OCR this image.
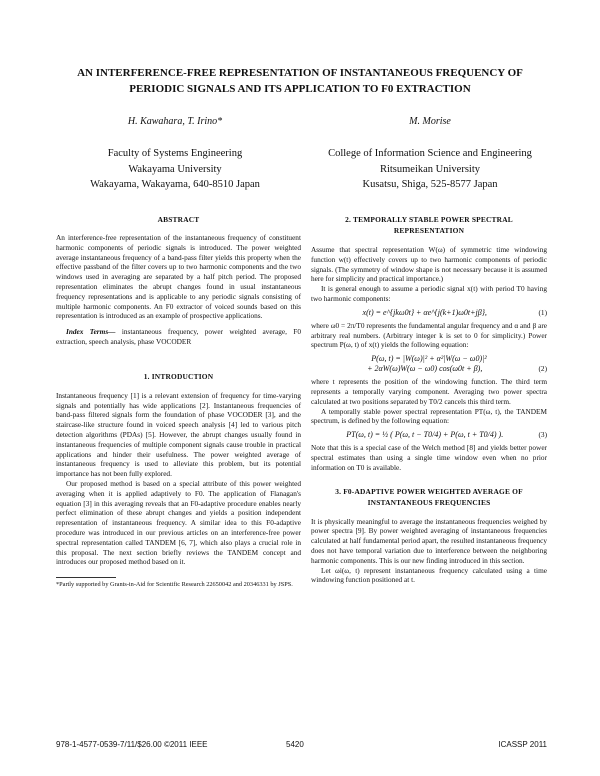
AN INTERFERENCE-FREE REPRESENTATION OF INSTANTANEOUS FREQUENCY OF PERIODIC SIGNALS AND ITS APPLICATION TO F0 EXTRACTION
H. Kawahara, T. Irino*
Faculty of Systems Engineering
Wakayama University
Wakayama, Wakayama, 640-8510 Japan
M. Morise
College of Information Science and Engineering
Ritsumeikan University
Kusatsu, Shiga, 525-8577 Japan
ABSTRACT

An interference-free representation of the instantaneous frequency of constituent harmonic components of periodic signals is introduced. The power weighted average instantaneous frequency of a band-pass filter yields this property when the effective passband of the filter covers up to two harmonic components and the two windows used in averaging are separated by a half pitch period. The proposed representation eliminates the abrupt changes found in usual instantaneous frequency representations and is applicable to any periodic signals consisting of multiple harmonic components. An F0 extractor of voiced sounds based on this representation is introduced as an example of prospective applications.

Index Terms— instantaneous frequency, power weighted average, F0 extraction, speech analysis, phase VOCODER

1. INTRODUCTION

Instantaneous frequency [1] is a relevant extension of frequency for time-varying signals and potentially has wide applications [2]. Instantaneous frequencies of band-pass filtered signals form the foundation of phase VOCODER [3], and the staircase-like structure found in voiced speech analysis [4] led to various pitch detection algorithms (PDAs) [5]. However, the abrupt changes usually found in instantaneous frequencies of multiple component signals cause trouble in practical applications and hinder their usefulness. The power weighted average of instantaneous frequency is used to alleviate this problem, but its potential importance has not been fully explored.

Our proposed method is based on a special attribute of this power weighted averaging when it is applied adaptively to F0. The application of Flanagan's equation [3] in this averaging reveals that an F0-adaptive procedure enables nearly perfect elimination of these abrupt changes and yields a position independent representation of instantaneous frequency. A similar idea to this F0-adaptive procedure was introduced in our previous articles on an interference-free power spectral representation called TANDEM [6, 7], which also plays a crucial role in this proposal. The next section briefly reviews the TANDEM concept and introduces our proposed method based on it.

*Partly supported by Grants-in-Aid for Scientific Research 22650042 and 20346331 by JSPS.
2. TEMPORALLY STABLE POWER SPECTRAL REPRESENTATION

Assume that spectral representation W(ω) of symmetric time windowing function w(t) effectively covers up to two harmonic components of periodic signals. (The symmetry of window shape is not necessary because it is assumed here for simplicity and practical importance.)

It is general enough to assume a periodic signal x(t) with period T0 having two harmonic components:

x(t) = e^{jkω0t} + αe^{j(k+1)ω0t+jβ},	(1)

where ω0 = 2π/T0 represents the fundamental angular frequency and α and β are arbitrary real numbers. (Arbitrary integer k is set to 0 for simplicity.) Power spectrum P(ω, t) of x(t) yields the following equation:

P(ω, t) = |W(ω)|² + α²|W(ω − ω0)|²
+ 2αW(ω)W(ω − ω0) cos(ω0t + β),	(2)

where t represents the position of the windowing function. The third term represents a temporally varying component. Averaging two power spectra calculated at two positions separated by T0/2 cancels this third term.

A temporally stable power spectral representation PT(ω, t), the TANDEM spectrum, is defined by the following equation:

PT(ω, t) = ½ ( P(ω, t − T0/4) + P(ω, t + T0/4) ).	(3)

Note that this is a special case of the Welch method [8] and yields better power spectral estimates than using a single time window even when no prior information on T0 is available.

3. F0-ADAPTIVE POWER WEIGHTED AVERAGE OF INSTANTANEOUS FREQUENCIES

It is physically meaningful to average the instantaneous frequencies weighed by power spectra [9]. By power weighted averaging of instantaneous frequencies calculated at half fundamental period apart, the resulted instantaneous frequency does not have temporal variation due to interference between the neighboring harmonic components. This is our new finding introduced in this section.

Let ωi(ω, t) represent instantaneous frequency calculated using a time windowing function positioned at t.

978-1-4577-0539-7/11/$26.00 ©2011 IEEE	5420	ICASSP 2011
